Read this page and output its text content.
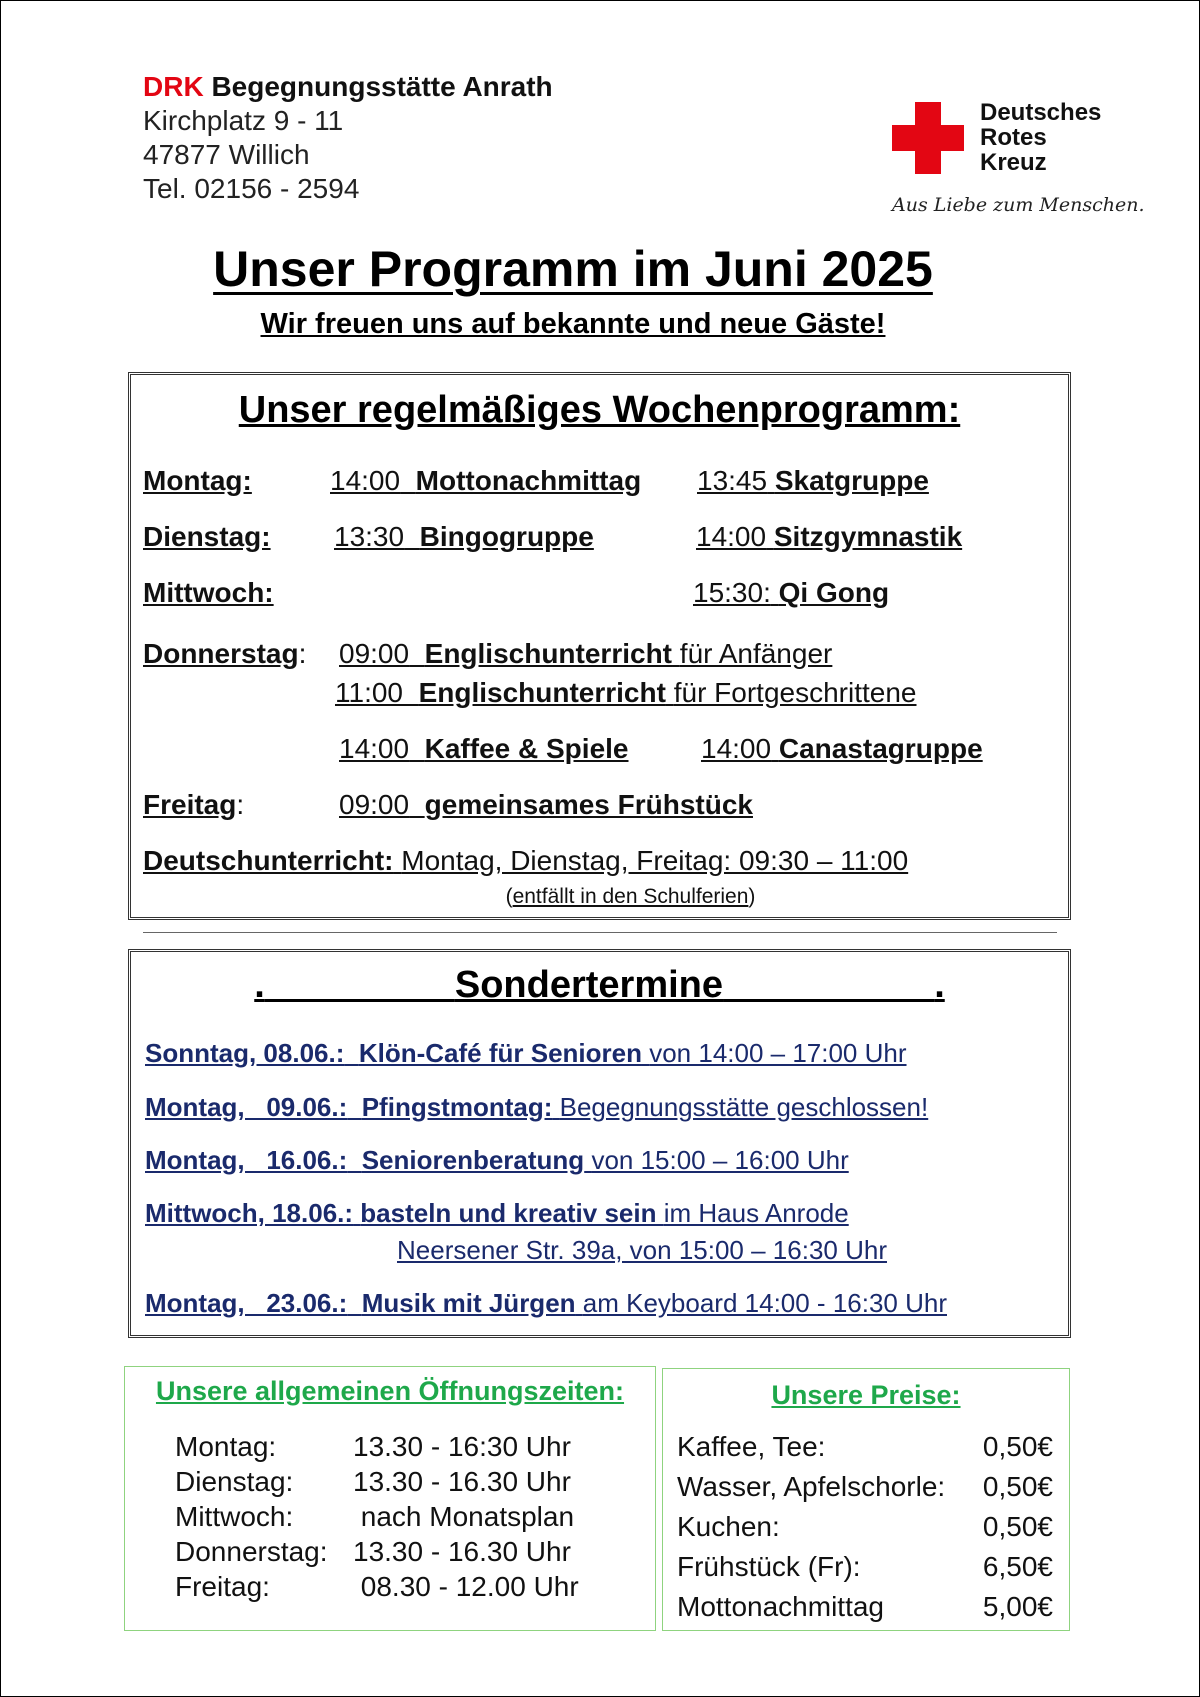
DRK Begegnungsstätte Anrath
Kirchplatz 9 - 11
47877 Willich
Tel. 02156 - 2594
Deutsches
Rotes
Kreuz
Aus Liebe zum Menschen.
Unser Programm im Juni 2025
Wir freuen uns auf bekannte und neue Gäste!
Unser regelmäßiges Wochenprogramm:
Montag:	14:00 Mottonachmittag 13:45 Skatgruppe
Dienstag: 13:30 Bingogruppe	14:00 Sitzgymnastik
Mittwoch:	15:30: Qi Gong
Donnerstag: 09:00 Englischunterricht für Anfänger
11:00 Englischunterricht für Fortgeschrittene
14:00 Kaffee & Spiele	14:00 Canastagruppe
Freitag:	09:00 gemeinsames Frühstück
Deutschunterricht: Montag, Dienstag, Freitag: 09:30 – 11:00
(entfällt in den Schulferien)
.	Sondertermine	.
Sonntag, 08.06.: Klön-Café für Senioren von 14:00 – 17:00 Uhr
Montag,   09.06.: Pfingstmontag: Begegnungsstätte geschlossen!
Montag,   16.06.: Seniorenberatung von 15:00 – 16:00 Uhr
Mittwoch, 18.06.: basteln und kreativ sein im Haus Anrode
Neersener Str. 39a, von 15:00 – 16:30 Uhr
Montag,   23.06.: Musik mit Jürgen am Keyboard 14:00 - 16:30 Uhr
Unsere allgemeinen Öffnungszeiten:
Montag:	13.30 - 16:30 Uhr
Dienstag: 13.30 - 16.30 Uhr
Mittwoch: nach Monatsplan
Donnerstag: 13.30 - 16.30 Uhr
Freitag:	08.30 - 12.00 Uhr
Unsere Preise:
Kaffee, Tee:	0,50€
Wasser, Apfelschorle: 0,50€
Kuchen:	0,50€
Frühstück (Fr):	6,50€
Mottonachmittag	5,00€
